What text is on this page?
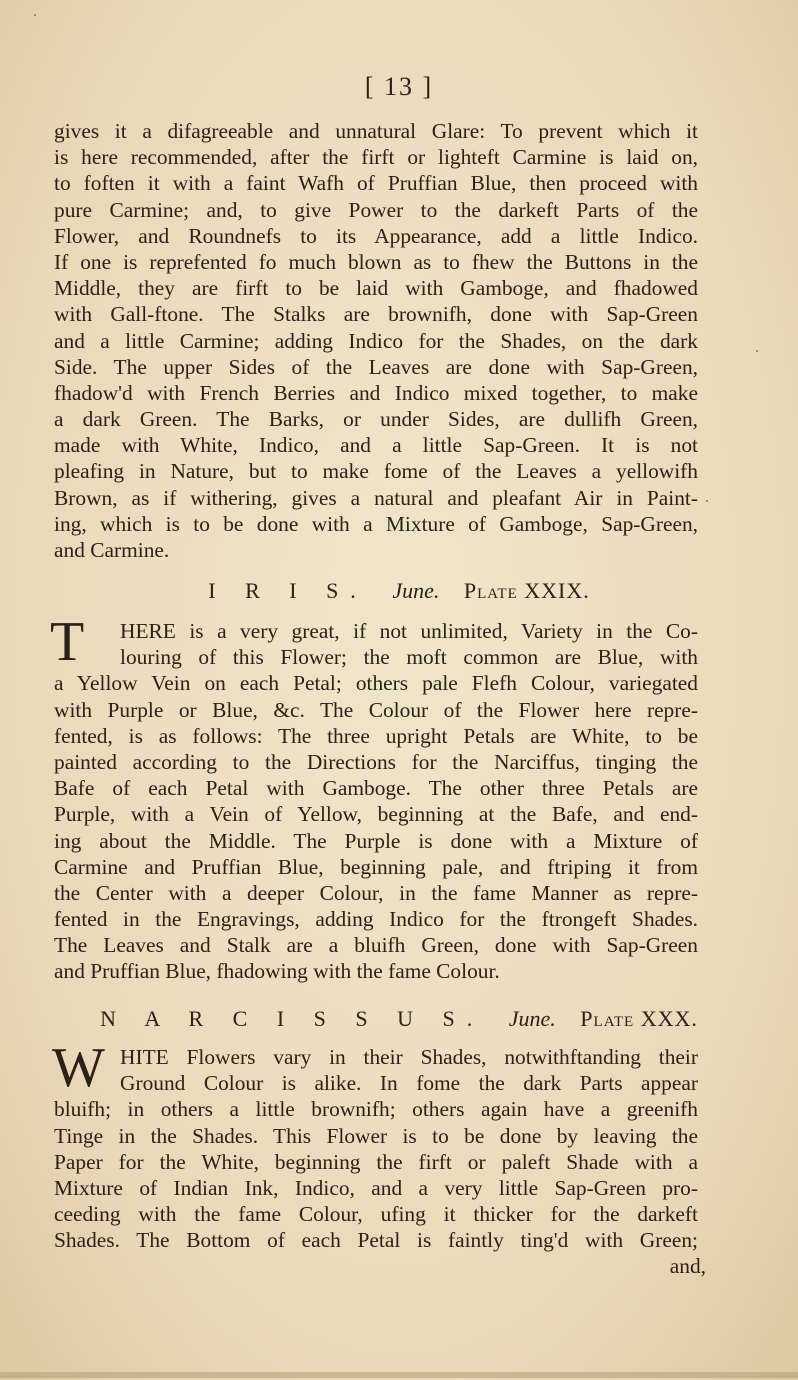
[ 13 ]
gives it a difagreeable and unnatural Glare: To prevent which it
is here recommended, after the firft or lighteft Carmine is laid on,
to foften it with a faint Wafh of Pruffian Blue, then proceed with
pure Carmine; and, to give Power to the darkeft Parts of the
Flower, and Roundnefs to its Appearance, add a little Indico.
If one is reprefented fo much blown as to fhew the Buttons in the
Middle, they are firft to be laid with Gamboge, and fhadowed
with Gall-ftone. The Stalks are brownifh, done with Sap-Green
and a little Carmine; adding Indico for the Shades, on the dark
Side. The upper Sides of the Leaves are done with Sap-Green,
fhadow'd with French Berries and Indico mixed together, to make
a dark Green. The Barks, or under Sides, are dullifh Green,
made with White, Indico, and a little Sap-Green. It is not
pleafing in Nature, but to make fome of the Leaves a yellowifh
Brown, as if withering, gives a natural and pleafant Air in Paint-
ing, which is to be done with a Mixture of Gamboge, Sap-Green,
and Carmine.
I R I S. June. Plate XXIX.
T	HERE is a very great, if not unlimited, Variety in the Co-
louring of this Flower; the moft common are Blue, with
a Yellow Vein on each Petal; others pale Flefh Colour, variegated
with Purple or Blue, &c. The Colour of the Flower here repre-
fented, is as follows: The three upright Petals are White, to be
painted according to the Directions for the Narciffus, tinging the
Bafe of each Petal with Gamboge. The other three Petals are
Purple, with a Vein of Yellow, beginning at the Bafe, and end-
ing about the Middle. The Purple is done with a Mixture of
Carmine and Pruffian Blue, beginning pale, and ftriping it from
the Center with a deeper Colour, in the fame Manner as repre-
fented in the Engravings, adding Indico for the ftrongeft Shades.
The Leaves and Stalk are a bluifh Green, done with Sap-Green
and Pruffian Blue, fhadowing with the fame Colour.
N A R C I S S U S. June. Plate XXX.
W HITE Flowers vary in their Shades, notwithftanding their
Ground Colour is alike. In fome the dark Parts appear
bluifh; in others a little brownifh; others again have a greenifh
Tinge in the Shades. This Flower is to be done by leaving the
Paper for the White, beginning the firft or paleft Shade with a
Mixture of Indian Ink, Indico, and a very little Sap-Green pro-
ceeding with the fame Colour, ufing it thicker for the darkeft
Shades. The Bottom of each Petal is faintly ting'd with Green;
and,
